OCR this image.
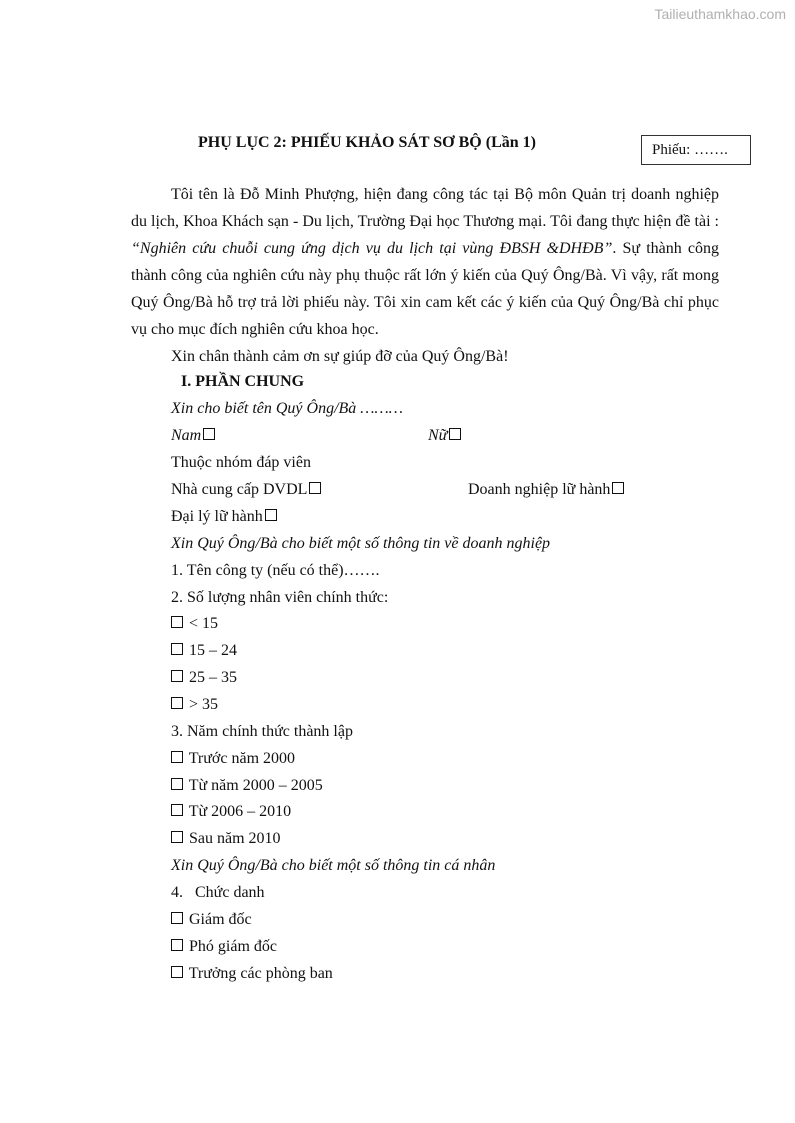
Tailieuthamkhao.com
PHỤ LỤC 2: PHIẾU KHẢO SÁT SƠ BỘ (Lần 1)	Phiếu: …….

Tôi tên là Đỗ Minh Phượng, hiện đang công tác tại Bộ môn Quản trị doanh nghiệp du lịch, Khoa Khách sạn - Du lịch, Trường Đại học Thương mại. Tôi đang thực hiện đề tài : “Nghiên cứu chuỗi cung ứng dịch vụ du lịch tại vùng ĐBSH &DHĐB”. Sự thành công thành công của nghiên cứu này phụ thuộc rất lớn ý kiến của Quý Ông/Bà. Vì vậy, rất mong Quý Ông/Bà hỗ trợ trả lời phiếu này. Tôi xin cam kết các ý kiến của Quý Ông/Bà chỉ phục vụ cho mục đích nghiên cứu khoa học.

Xin chân thành cảm ơn sự giúp đỡ của Quý Ông/Bà!

I. PHẦN CHUNG
Xin cho biết tên Quý Ông/Bà ………
Nam	Nữ
Thuộc nhóm đáp viên
Nhà cung cấp DVDL	Doanh nghiệp lữ hành
Đại lý lữ hành
Xin Quý Ông/Bà cho biết một số thông tin về doanh nghiệp
1. Tên công ty (nếu có thể)…….
2. Số lượng nhân viên chính thức:
< 15
15 – 24
25 – 35
> 35
3. Năm chính thức thành lập
Trước năm 2000
Từ năm 2000 – 2005
Từ 2006 – 2010
Sau năm 2010
Xin Quý Ông/Bà cho biết một số thông tin cá nhân
4. Chức danh
Giám đốc
Phó giám đốc
Trưởng các phòng ban
